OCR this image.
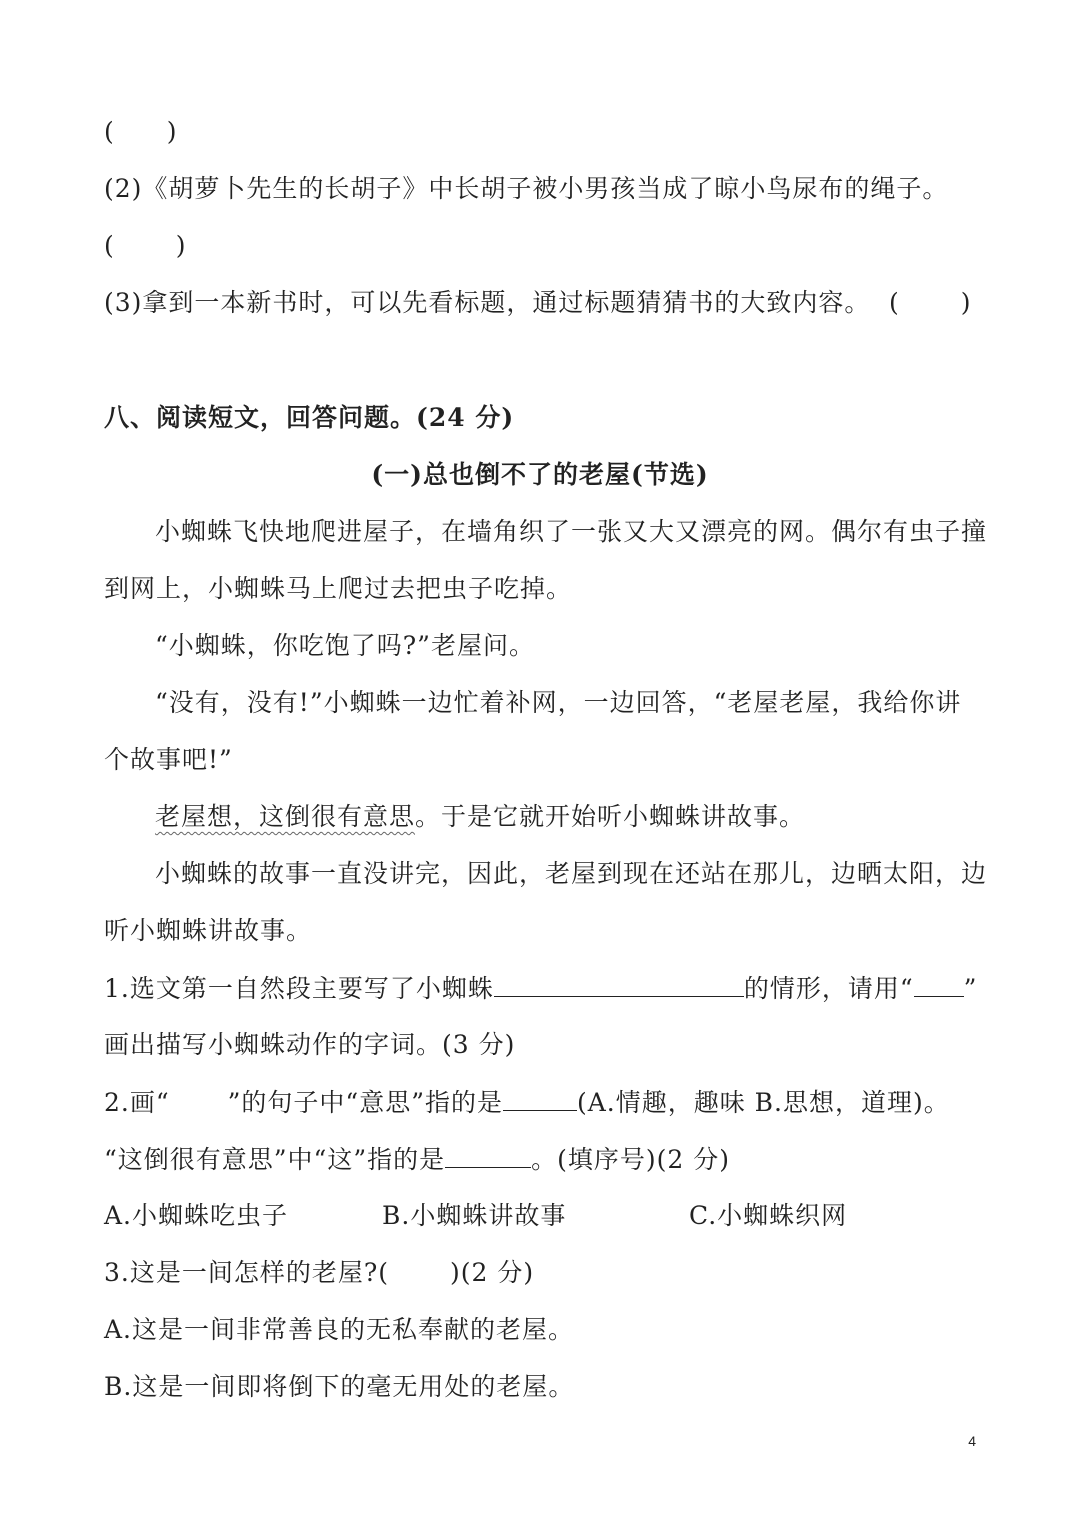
(　　)
(2)《胡萝卜先生的长胡子》中长胡子被小男孩当成了晾小鸟尿布的绳子。
(　　 )
(3)拿到一本新书时，可以先看标题，通过标题猜猜书的大致内容。 (　　 )
八、阅读短文，回答问题。(24 分)
(一)总也倒不了的老屋(节选)
小蜘蛛飞快地爬进屋子，在墙角织了一张又大又漂亮的网。偶尔有虫子撞
到网上，小蜘蛛马上爬过去把虫子吃掉。
“小蜘蛛，你吃饱了吗?”老屋问。
“没有，没有!”小蜘蛛一边忙着补网，一边回答，“老屋老屋，我给你讲
个故事吧!”
老屋想，这倒很有意思。于是它就开始听小蜘蛛讲故事。
小蜘蛛的故事一直没讲完，因此，老屋到现在还站在那儿，边晒太阳，边
听小蜘蛛讲故事。
1.选文第一自然段主要写了小蜘蛛	的情形，请用“ ”
画出描写小蜘蛛动作的字词。(3 分)
2.画“ ”的句子中“意思”指的是	(A.情趣，趣味 B.思想，道理)。
“这倒很有意思”中“这”指的是	。(填序号)(2 分)
A.小蜘蛛吃虫子	B.小蜘蛛讲故事	C.小蜘蛛织网
3.这是一间怎样的老屋?(　　 )(2 分)
A.这是一间非常善良的无私奉献的老屋。
B.这是一间即将倒下的毫无用处的老屋。
4
